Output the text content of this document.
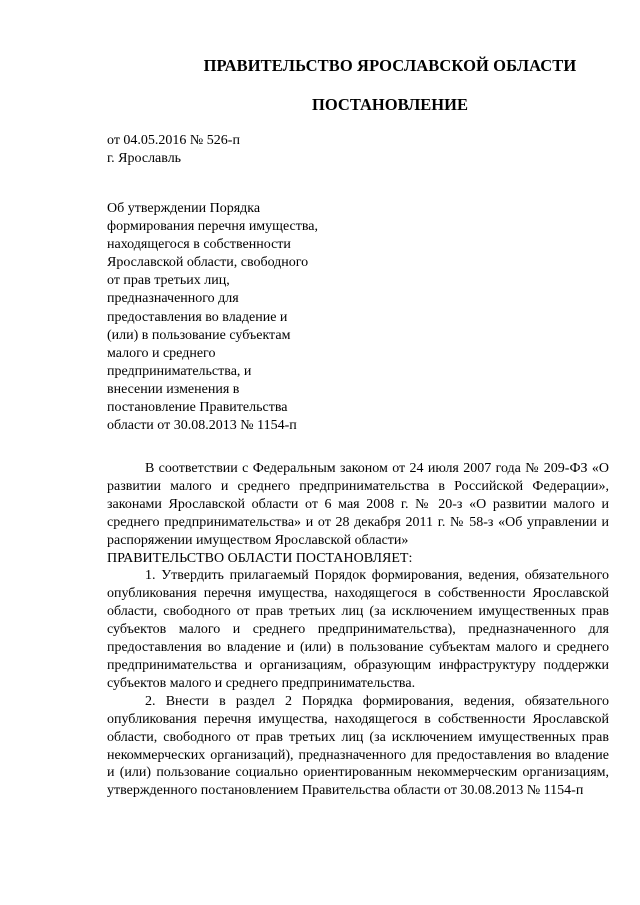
ПРАВИТЕЛЬСТВО ЯРОСЛАВСКОЙ ОБЛАСТИ
ПОСТАНОВЛЕНИЕ
от 04.05.2016 № 526-п
г. Ярославль
Об утверждении Порядка
формирования перечня имущества,
находящегося в собственности
Ярославской области, свободного
от прав третьих лиц,
предназначенного для
предоставления во владение и
(или) в пользование субъектам
малого и среднего
предпринимательства, и
внесении изменения в
постановление Правительства
области от 30.08.2013 № 1154-п

В соответствии с Федеральным законом от 24 июля 2007 года № 209-ФЗ «О развитии малого и среднего предпринимательства в Российской Федерации», законами Ярославской области от 6 мая 2008 г. № 20-з «О развитии малого и среднего предпринимательства» и от 28 декабря 2011 г. № 58-з «Об управлении и распоряжении имуществом Ярославской области»

ПРАВИТЕЛЬСТВО ОБЛАСТИ ПОСТАНОВЛЯЕТ:

1. Утвердить прилагаемый Порядок формирования, ведения, обязательного опубликования перечня имущества, находящегося в собственности Ярославской области, свободного от прав третьих лиц (за исключением имущественных прав субъектов малого и среднего предпринимательства), предназначенного для предоставления во владение и (или) в пользование субъектам малого и среднего предпринимательства и организациям, образующим инфраструктуру поддержки субъектов малого и среднего предпринимательства.

2. Внести в раздел 2 Порядка формирования, ведения, обязательного опубликования перечня имущества, находящегося в собственности Ярославской области, свободного от прав третьих лиц (за исключением имущественных прав некоммерческих организаций), предназначенного для предоставления во владение и (или) пользование социально ориентированным некоммерческим организациям, утвержденного постановлением Правительства области от 30.08.2013 № 1154-п
